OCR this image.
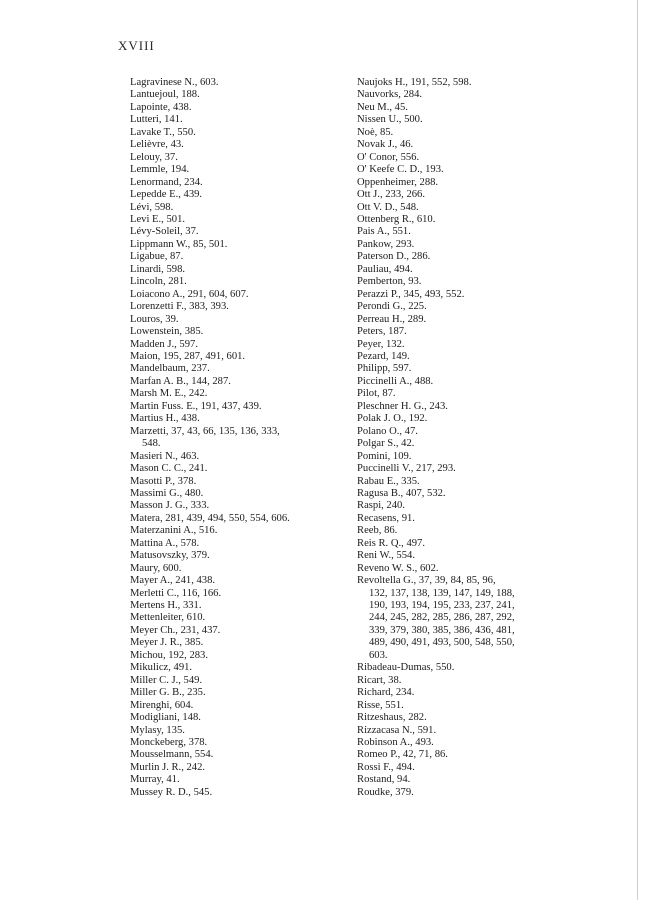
XVIII
Lagravinese N., 603.
Lantuejoul, 188.
Lapointe, 438.
Lutteri, 141.
Lavake T., 550.
Lelièvre, 43.
Lelouy, 37.
Lemmle, 194.
Lenormand, 234.
Lepedde E., 439.
Lévi, 598.
Levi E., 501.
Lévy-Soleil, 37.
Lippmann W., 85, 501.
Ligabue, 87.
Linardi, 598.
Lincoln, 281.
Loiacono A., 291, 604, 607.
Lorenzetti F., 383, 393.
Louros, 39.
Lowenstein, 385.
Madden J., 597.
Maion, 195, 287, 491, 601.
Mandelbaum, 237.
Marfan A. B., 144, 287.
Marsh M. E., 242.
Martin Fuss. E., 191, 437, 439.
Martius H., 438.
Marzetti, 37, 43, 66, 135, 136, 333,
548.
Masieri N., 463.
Mason C. C., 241.
Masotti P., 378.
Massimi G., 480.
Masson J. G., 333.
Matera, 281, 439, 494, 550, 554, 606.
Materzanini A., 516.
Mattina A., 578.
Matusovszky, 379.
Maury, 600.
Mayer A., 241, 438.
Merletti C., 116, 166.
Mertens H., 331.
Mettenleiter, 610.
Meyer Ch., 231, 437.
Meyer J. R., 385.
Michou, 192, 283.
Mikulicz, 491.
Miller C. J., 549.
Miller G. B., 235.
Mirenghi, 604.
Modigliani, 148.
Mylasy, 135.
Monckeberg, 378.
Mousselmann, 554.
Murlin J. R., 242.
Murray, 41.
Mussey R. D., 545.
Naujoks H., 191, 552, 598.
Nauvorks, 284.
Neu M., 45.
Nissen U., 500.
Noè, 85.
Novak J., 46.
O' Conor, 556.
O' Keefe C. D., 193.
Oppenheimer, 288.
Ott J., 233, 266.
Ott V. D., 548.
Ottenberg R., 610.
Pais A., 551.
Pankow, 293.
Paterson D., 286.
Pauliau, 494.
Pemberton, 93.
Perazzi P., 345, 493, 552.
Perondi G., 225.
Perreau H., 289.
Peters, 187.
Peyer, 132.
Pezard, 149.
Philipp, 597.
Piccinelli A., 488.
Pilot, 87.
Pleschner H. G., 243.
Polak J. O., 192.
Polano O., 47.
Polgar S., 42.
Pomini, 109.
Puccinelli V., 217, 293.
Rabau E., 335.
Ragusa B., 407, 532.
Raspi, 240.
Recasens, 91.
Reeb, 86.
Reis R. Q., 497.
Reni W., 554.
Reveno W. S., 602.
Revoltella G., 37, 39, 84, 85, 96,
132, 137, 138, 139, 147, 149, 188,
190, 193, 194, 195, 233, 237, 241,
244, 245, 282, 285, 286, 287, 292,
339, 379, 380, 385, 386, 436, 481,
489, 490, 491, 493, 500, 548, 550,
603.
Ribadeau-Dumas, 550.
Ricart, 38.
Richard, 234.
Risse, 551.
Ritzeshaus, 282.
Rizzacasa N., 591.
Robinson A., 493.
Romeo P., 42, 71, 86.
Rossi F., 494.
Rostand, 94.
Roudke, 379.
